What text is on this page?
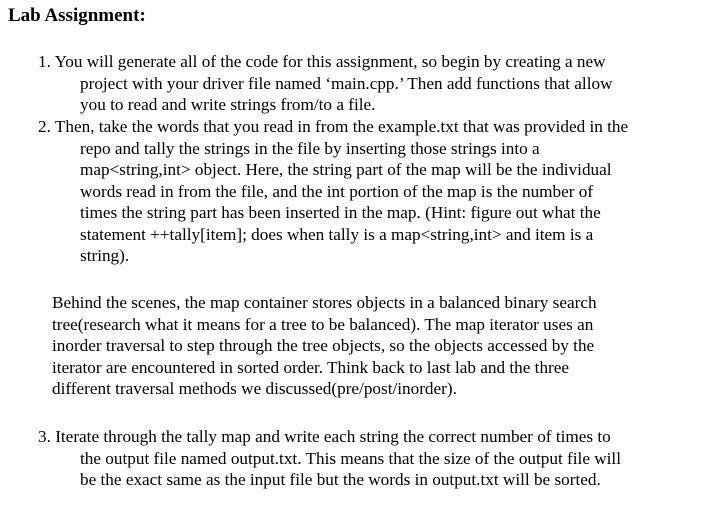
Lab Assignment:
1. You will generate all of the code for this assignment, so begin by creating a new
project with your driver file named ‘main.cpp.’ Then add functions that allow
you to read and write strings from/to a file.
2. Then, take the words that you read in from the example.txt that was provided in the
repo and tally the strings in the file by inserting those strings into a
map<string,int> object. Here, the string part of the map will be the individual
words read in from the file, and the int portion of the map is the number of
times the string part has been inserted in the map. (Hint: figure out what the
statement ++tally[item]; does when tally is a map<string,int> and item is a
string).
Behind the scenes, the map container stores objects in a balanced binary search
tree(research what it means for a tree to be balanced). The map iterator uses an
inorder traversal to step through the tree objects, so the objects accessed by the
iterator are encountered in sorted order. Think back to last lab and the three
different traversal methods we discussed(pre/post/inorder).
3. Iterate through the tally map and write each string the correct number of times to
the output file named output.txt. This means that the size of the output file will
be the exact same as the input file but the words in output.txt will be sorted.
